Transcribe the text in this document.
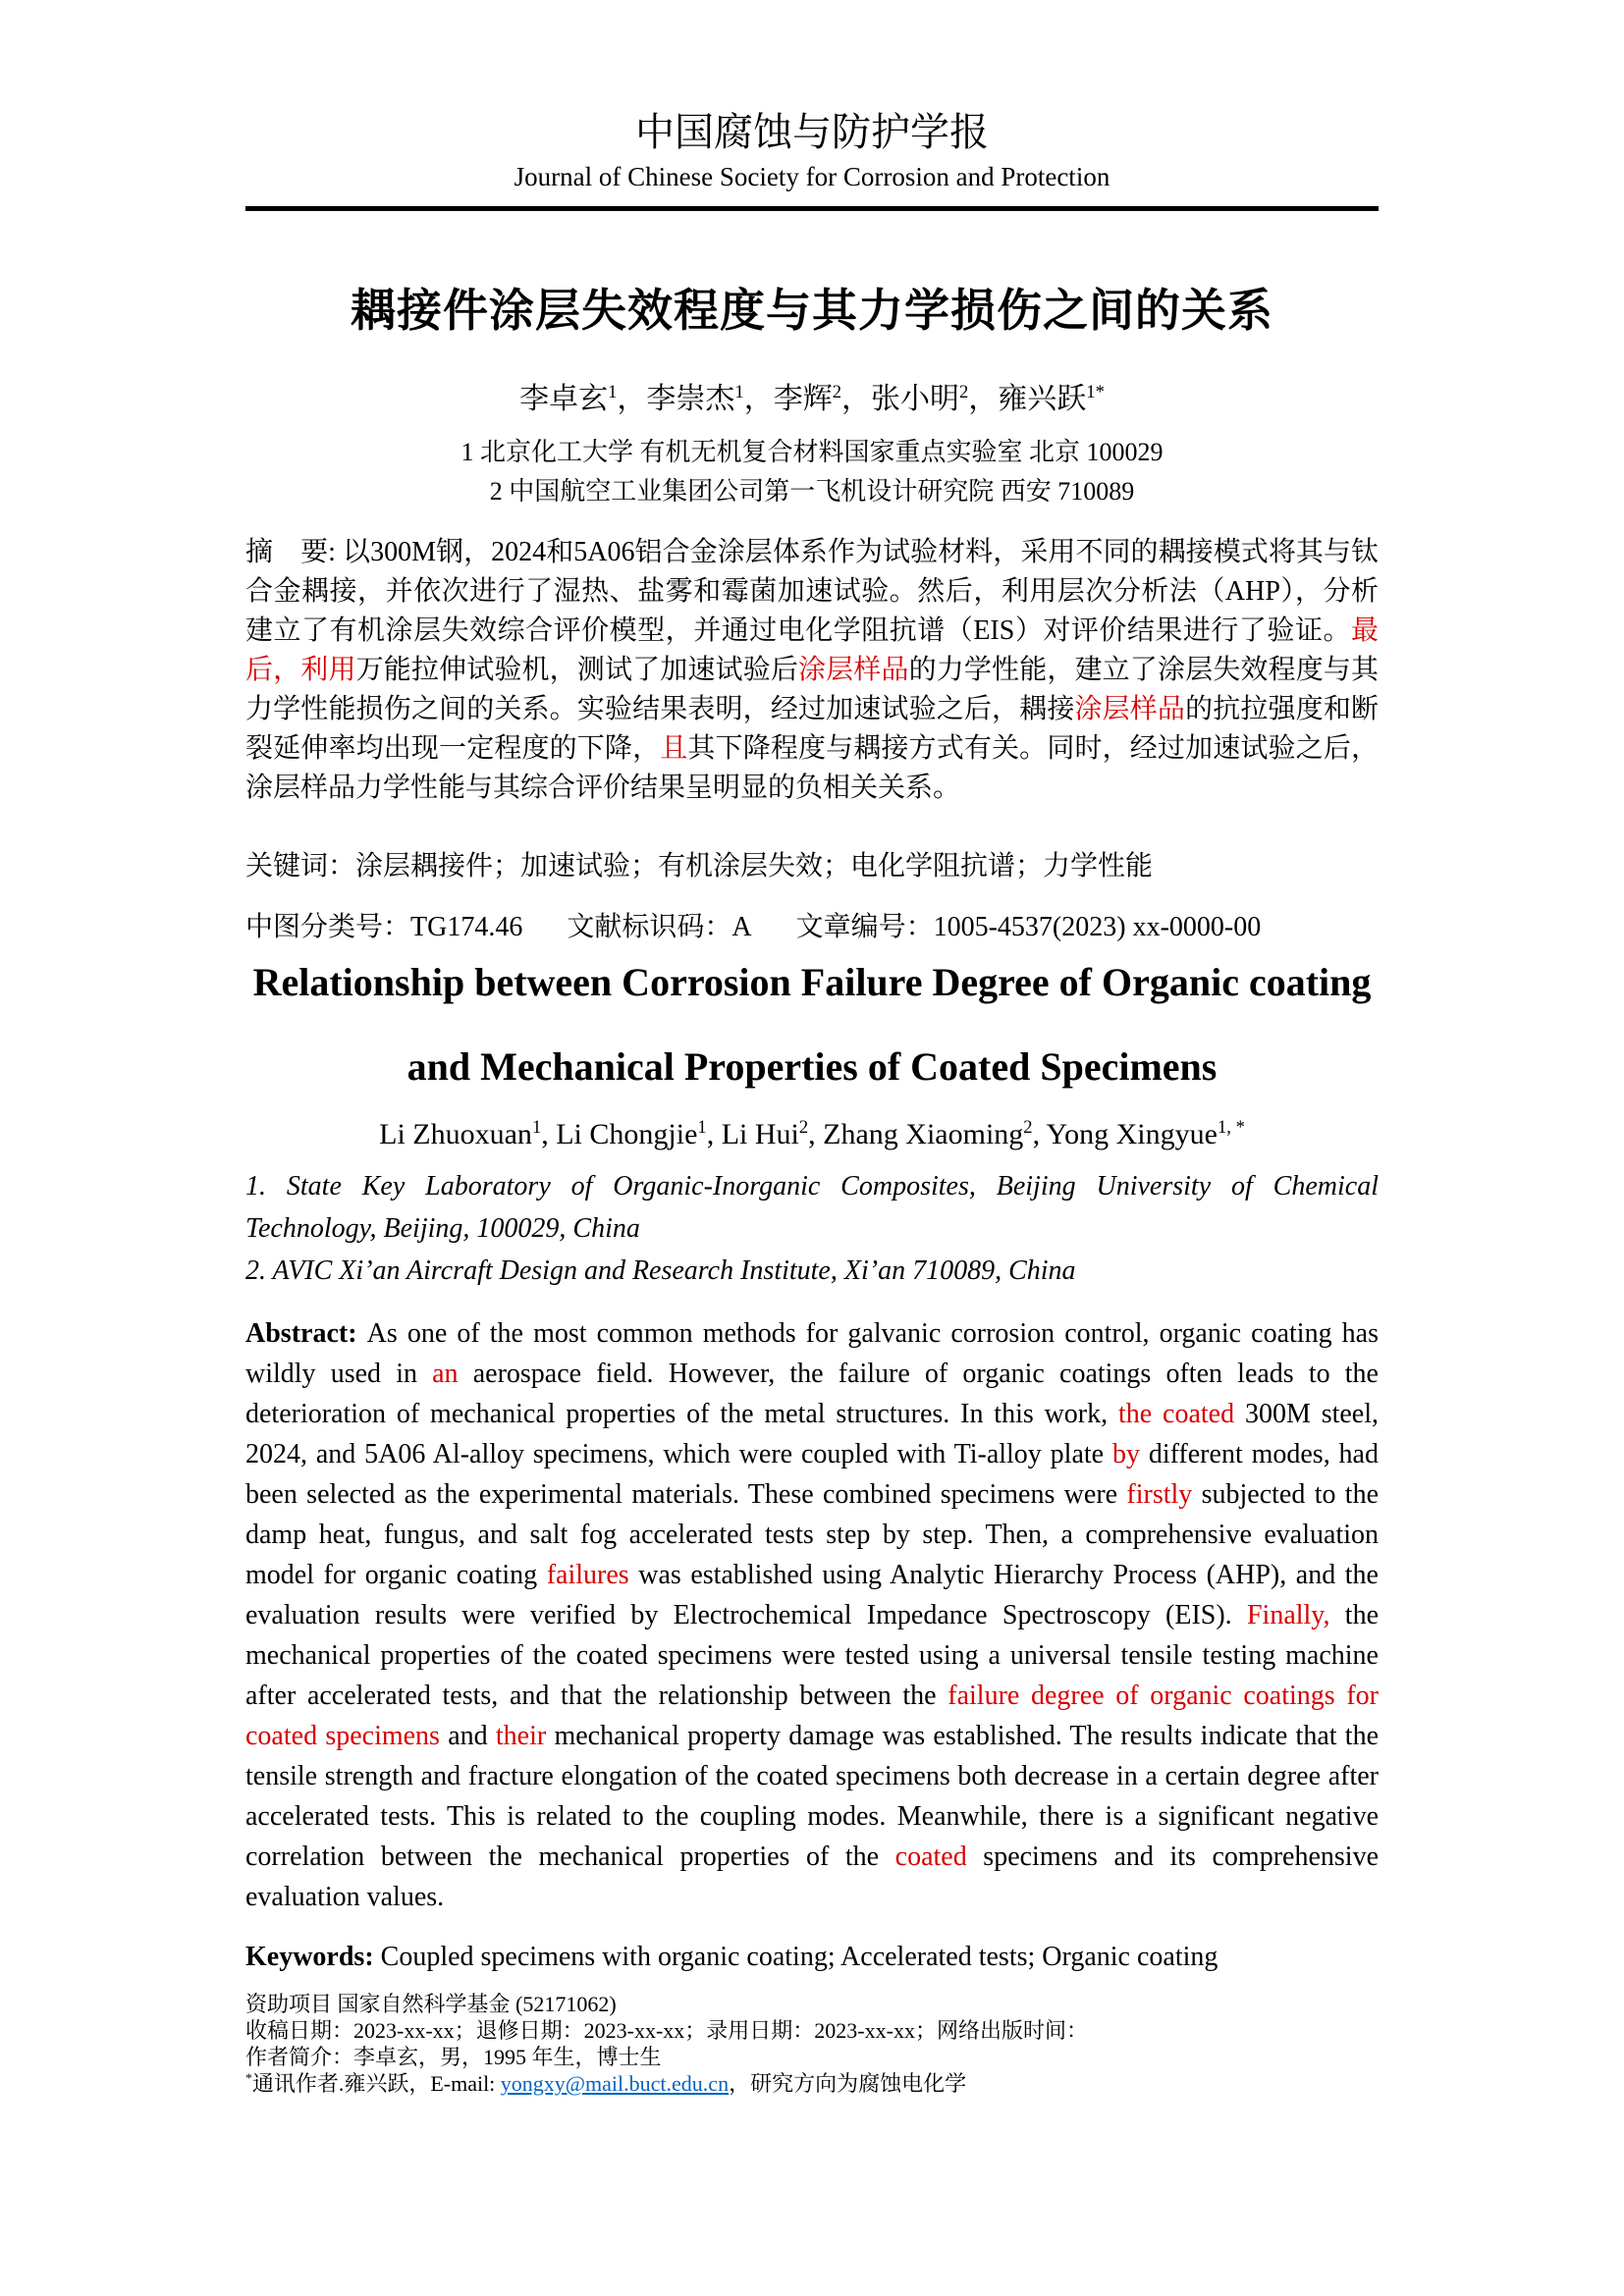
中国腐蚀与防护学报
Journal of Chinese Society for Corrosion and Protection
耦接件涂层失效程度与其力学损伤之间的关系
李卓玄$^1$，李崇杰$^1$，李辉$^2$，张小明$^2$，雍兴跃$^{1*}$
1 北京化工大学 有机无机复合材料国家重点实验室 北京 100029
2 中国航空工业集团公司第一飞机设计研究院 西安 710089

摘　要: 以300M钢，2024和5A06铝合金涂层体系作为试验材料，采用不同的耦接模式将其与钛合金耦接，并依次进行了湿热、盐雾和霉菌加速试验。然后，利用层次分析法（AHP），分析建立了有机涂层失效综合评价模型，并通过电化学阻抗谱（EIS）对评价结果进行了验证。最后，利用万能拉伸试验机，测试了加速试验后涂层样品的力学性能，建立了涂层失效程度与其力学性能损伤之间的关系。实验结果表明，经过加速试验之后，耦接涂层样品的抗拉强度和断裂延伸率均出现一定程度的下降，且其下降程度与耦接方式有关。同时，经过加速试验之后，涂层样品力学性能与其综合评价结果呈明显的负相关关系。

关键词：涂层耦接件；加速试验；有机涂层失效；电化学阻抗谱；力学性能

中图分类号：TG174.46 文献标识码：A 文章编号：1005-4537(2023) xx-0000-00

Relationship between Corrosion Failure Degree of Organic coating
and Mechanical Properties of Coated Specimens
Li Zhuoxuan$^1$, Li Chongjie$^1$, Li Hui$^2$, Zhang Xiaoming$^2$, Yong Xingyue$^{1, *}$

1. State Key Laboratory of Organic-Inorganic Composites, Beijing University of Chemical Technology, Beijing, 100029, China

2. AVIC Xi’an Aircraft Design and Research Institute, Xi’an 710089, China

Abstract: As one of the most common methods for galvanic corrosion control, organic coating has wildly used in an aerospace field. However, the failure of organic coatings often leads to the deterioration of mechanical properties of the metal structures. In this work, the coated 300M steel, 2024, and 5A06 Al-alloy specimens, which were coupled with Ti-alloy plate by different modes, had been selected as the experimental materials. These combined specimens were firstly subjected to the damp heat, fungus, and salt fog accelerated tests step by step. Then, a comprehensive evaluation model for organic coating failures was established using Analytic Hierarchy Process (AHP), and the evaluation results were verified by Electrochemical Impedance Spectroscopy (EIS). Finally, the mechanical properties of the coated specimens were tested using a universal tensile testing machine after accelerated tests, and that the relationship between the failure degree of organic coatings for coated specimens and their mechanical property damage was established. The results indicate that the tensile strength and fracture elongation of the coated specimens both decrease in a certain degree after accelerated tests. This is related to the coupling modes. Meanwhile, there is a significant negative correlation between the mechanical properties of the coated specimens and its comprehensive evaluation values.

Keywords: Coupled specimens with organic coating; Accelerated tests; Organic coating

资助项目 国家自然科学基金 (52171062)
收稿日期：2023-xx-xx；退修日期：2023-xx-xx；录用日期：2023-xx-xx；网络出版时间：
作者简介：李卓玄，男，1995 年生，博士生
*通讯作者.雍兴跃，E-mail: yongxy@mail.buct.edu.cn，研究方向为腐蚀电化学
